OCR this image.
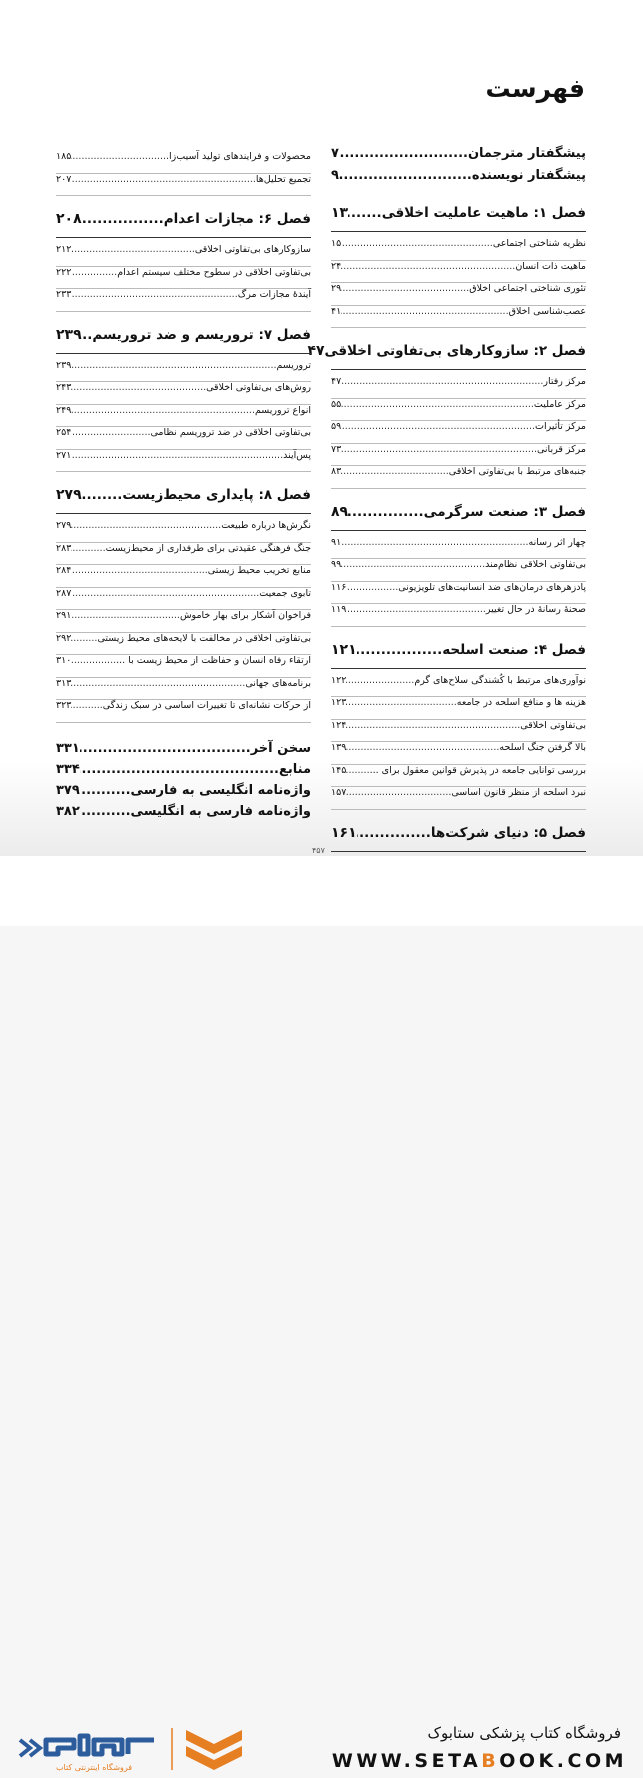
فهرست
پیشگفتار مترجمان
.....
۷
پیشگفتار نویسنده
.....
۹
فصل ۱: ماهیت عاملیت اخلاقی
.....
۱۳
نظریه شناختی اجتماعی
.....
۱۵
ماهیت ذات انسان
.....
۲۴
تئوری شناختی اجتماعی اخلاق
.....
۲۹
عصب‌شناسی اخلاق
.....
۴۱
فصل ۲: سازوکارهای بی‌تفاوتی اخلاقی
۴۷
مرکز رفتار
.....
۴۷
مرکز عاملیت
.....
۵۵
مرکز تأثیرات
.....
۵۹
مرکز قربانی
.....
۷۳
جنبه‌های مرتبط با بی‌تفاوتی اخلاقی
.....
۸۳
فصل ۳: صنعت سرگرمی
.....
۸۹
چهار اثر رسانه
.....
۹۱
بی‌تفاوتی اخلاقی نظام‌مند
.....
۹۹
پادزهرهای درمان‌های ضد انسانیت‌های تلویزیونی
.....
۱۱۶
صحنهٔ رسانهٔ در حال تغییر
.....
۱۱۹
فصل ۴: صنعت اسلحه
.....
۱۲۱
نوآوری‌های مرتبط با کُشندگی سلاح‌های گرم
.....
۱۲۲
هزینه ها و منافع اسلحه در جامعه
.....
۱۲۳
بی‌تفاوتی اخلاقی
.....
۱۲۴
بالا گرفتن جنگ اسلحه
.....
۱۳۹
بررسی توانایی جامعه در پذیرش قوانین معقول برای ...
.....
۱۴۵
نبرد اسلحه از منظر قانون اساسی
.....
۱۵۷
فصل ۵: دنیای شرکت‌ها
.....
۱۶۱
.....
محصولات و فرایندهای تولید آسیب‌زا
.....
۱۸۵
تجمیع تحلیل‌ها
.....
۲۰۷
فصل ۶: مجازات اعدام
.....
۲۰۸
سازوکارهای بی‌تفاوتی اخلاقی
.....
۲۱۲
بی‌تفاوتی اخلاقی در سطوح مختلف سیستم اعدام
.....
۲۲۲
آیندهٔ مجازات مرگ
.....
۲۳۳
فصل ۷: تروریسم و ضد تروریسم
.....
۲۳۹
تروریسم
.....
۲۳۹
روش‌های بی‌تفاوتی اخلاقی
.....
۲۴۳
انواع تروریسم
.....
۲۴۹
بی‌تفاوتی اخلاقی در ضد تروریسم نظامی
.....
۲۵۴
پس‌آیند
.....
۲۷۱
فصل ۸: پایداری محیط‌زیست
.....
۲۷۹
نگرش‌ها درباره طبیعت
.....
۲۷۹
جنگ فرهنگی عقیدتی برای طرفداری از محیط‌زیست
.....
۲۸۳
منابع تخریب محیط زیستی
.....
۲۸۴
تابوی جمعیت
.....
۲۸۷
فراخوان آشکار برای بهار خاموش
.....
۲۹۱
بی‌تفاوتی اخلاقی در مخالفت با لایحه‌های محیط زیستی
.....
۲۹۲
ارتقاء رفاه انسان و حفاظت از محیط زیست با ...
.....
۳۱۰
برنامه‌های جهانی
.....
۳۱۳
از حرکات نشانه‌ای تا تغییرات اساسی در سبک زندگی
.....
۳۲۳
سخن آخر
.....
۳۳۱
منابع
.....
۳۳۴
واژه‌نامه انگلیسی به فارسی
.....
۳۷۹
واژه‌نامه فارسی به انگلیسی
.....
۳۸۲
۴۵۷
فروشگاه اینترنتی کتاب
فروشگاه کتاب پزشکی ستابوک
WWW.SETABOOK.COM
